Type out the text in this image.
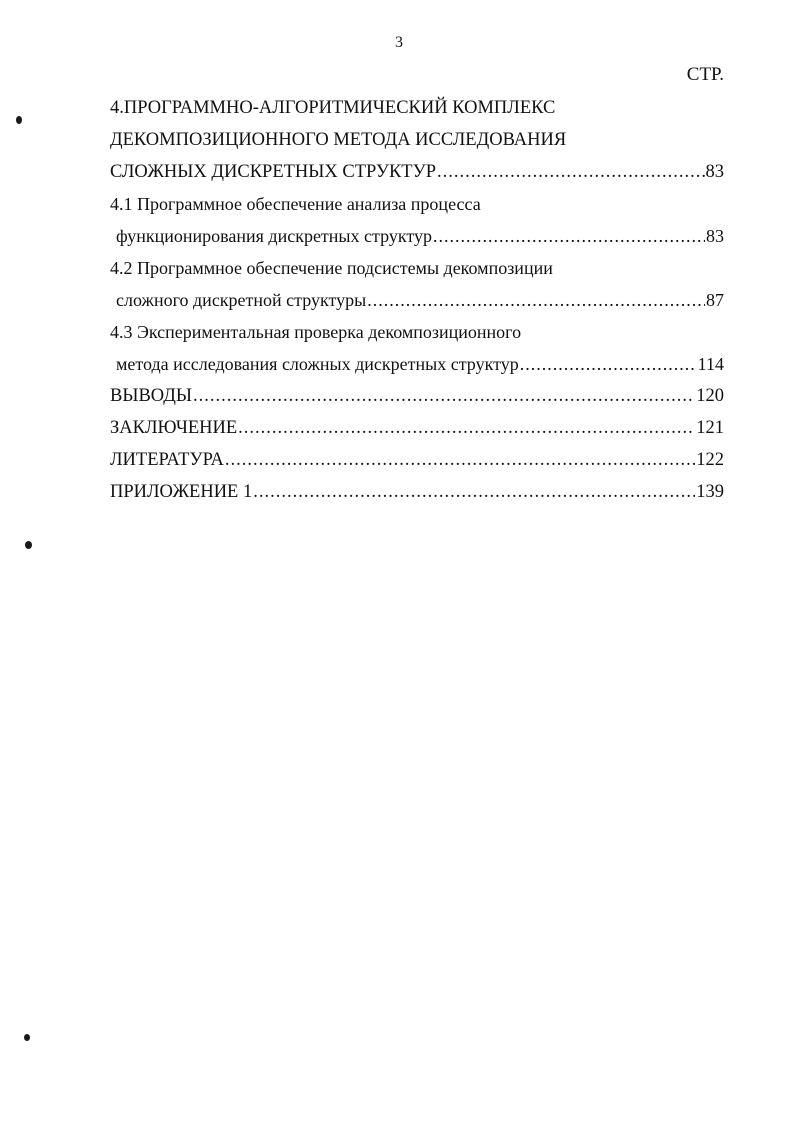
3
СТР.
4.ПРОГРАММНО-АЛГОРИТМИЧЕСКИЙ КОМПЛЕКС
ДЕКОМПОЗИЦИОННОГО МЕТОДА ИССЛЕДОВАНИЯ
СЛОЖНЫХ ДИСКРЕТНЫХ СТРУКТУР .....	83
4.1 Программное обеспечение анализа процесса
функционирования дискретных структур .....	83
4.2 Программное обеспечение подсистемы декомпозиции
сложного дискретной структуры .....	87
4.3 Экспериментальная проверка декомпозиционного
метода исследования сложных дискретных структур .....	114
ВЫВОДЫ .....	120
ЗАКЛЮЧЕНИЕ .....	121
ЛИТЕРАТУРА .....	122
ПРИЛОЖЕНИЕ 1 .....	139
